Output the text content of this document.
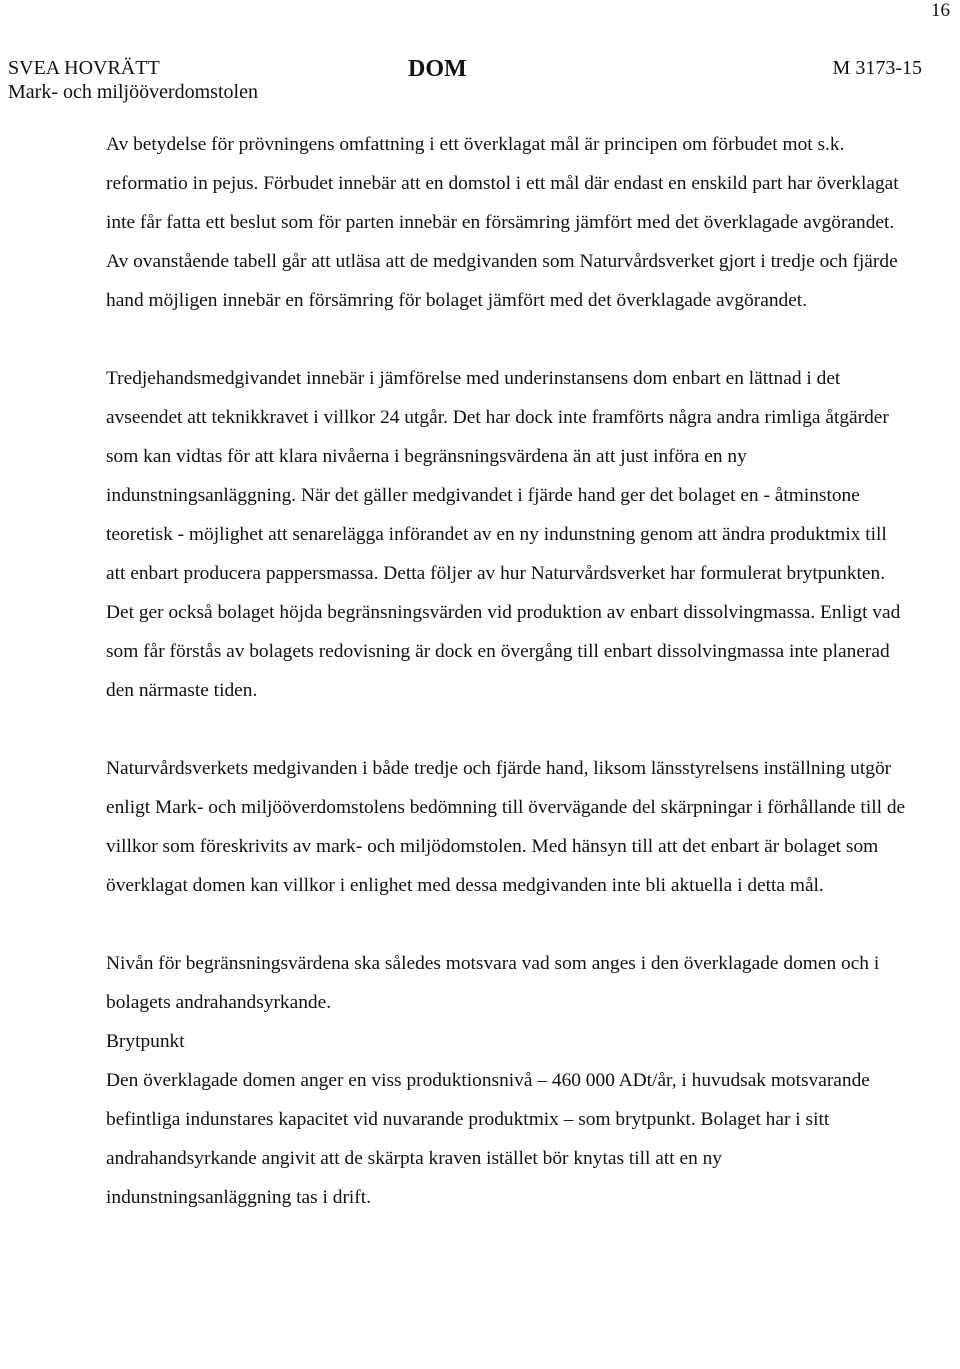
16
SVEA HOVRÄTT
Mark- och miljööverdomstolen
DOM	M 3173-15

Av betydelse för prövningens omfattning i ett överklagat mål är principen om förbudet mot s.k. reformatio in pejus. Förbudet innebär att en domstol i ett mål där endast en enskild part har överklagat inte får fatta ett beslut som för parten innebär en försämring jämfört med det överklagade avgörandet. Av ovanstående tabell går att utläsa att de medgivanden som Naturvårdsverket gjort i tredje och fjärde hand möjligen innebär en försämring för bolaget jämfört med det överklagade avgörandet.

Tredjehandsmedgivandet innebär i jämförelse med underinstansens dom enbart en lättnad i det avseendet att teknikkravet i villkor 24 utgår. Det har dock inte framförts några andra rimliga åtgärder som kan vidtas för att klara nivåerna i begränsningsvärdena än att just införa en ny indunstningsanläggning. När det gäller medgivandet i fjärde hand ger det bolaget en - åtminstone teoretisk - möjlighet att senarelägga införandet av en ny indunstning genom att ändra produktmix till att enbart producera pappersmassa. Detta följer av hur Naturvårdsverket har formulerat brytpunkten. Det ger också bolaget höjda begränsningsvärden vid produktion av enbart dissolvingmassa. Enligt vad som får förstås av bolagets redovisning är dock en övergång till enbart dissolvingmassa inte planerad den närmaste tiden.

Naturvårdsverkets medgivanden i både tredje och fjärde hand, liksom länsstyrelsens inställning utgör enligt Mark- och miljööverdomstolens bedömning till övervägande del skärpningar i förhållande till de villkor som föreskrivits av mark- och miljödomstolen. Med hänsyn till att det enbart är bolaget som överklagat domen kan villkor i enlighet med dessa medgivanden inte bli aktuella i detta mål.

Nivån för begränsningsvärdena ska således motsvara vad som anges i den överklagade domen och i bolagets andrahandsyrkande.

Brytpunkt

Den överklagade domen anger en viss produktionsnivå – 460 000 ADt/år, i huvudsak motsvarande befintliga indunstares kapacitet vid nuvarande produktmix – som brytpunkt. Bolaget har i sitt andrahandsyrkande angivit att de skärpta kraven istället bör knytas till att en ny indunstningsanläggning tas i drift.
